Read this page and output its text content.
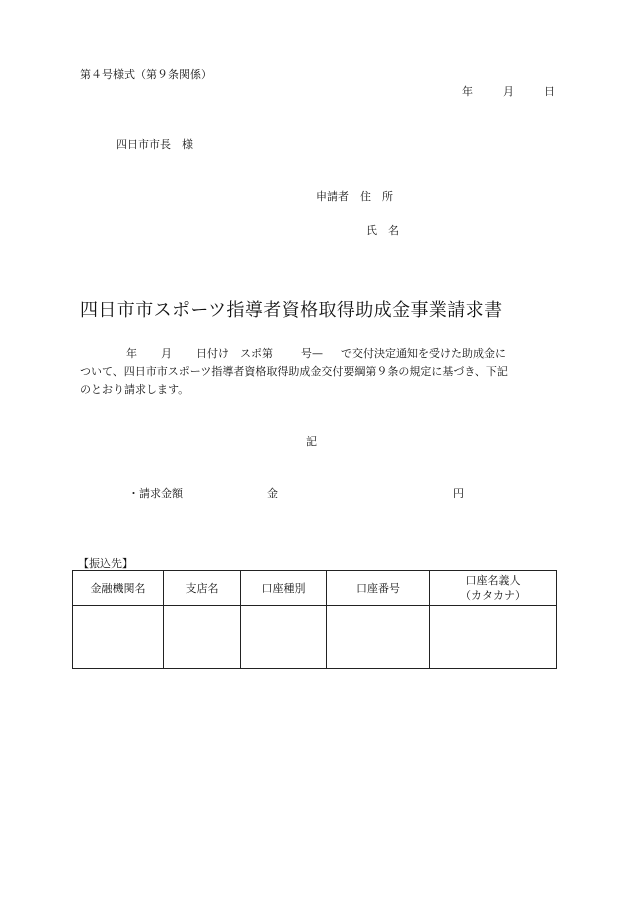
第４号様式（第９条関係）
年	月	日
四日市市長　様
申請者　住　所
氏　名
四日市市スポーツ指導者資格取得助成金事業請求書
年 月 日付け　スポ第	号— で交付決定通知を受けた助成金に
ついて、四日市市スポーツ指導者資格取得助成金交付要綱第９条の規定に基づき、下記
のとおり請求します。
記
・請求金額	金	円
【振込先】
金融機関名	支店名	口座種別	口座番号	口座名義人
（カタカナ）
